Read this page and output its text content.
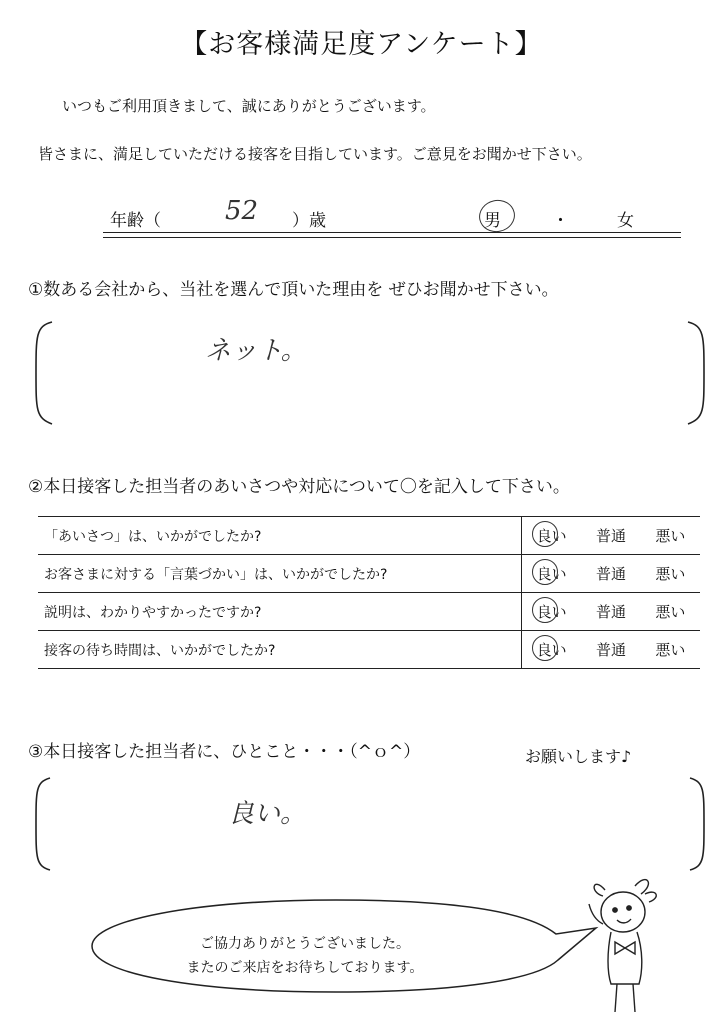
【お客様満足度アンケート】
いつもご利用頂きまして、誠にありがとうございます。
皆さまに、満足していただける接客を目指しています。ご意見をお聞かせ下さい。
年齢（ 52 ）歳	男	・	女
①数ある会社から、当社を選んで頂いた理由を ぜひお聞かせ下さい。
ネット。
②本日接客した担当者のあいさつや対応について〇を記入して下さい。
「あいさつ」は、いかがでしたか?	良い 普通 悪い

お客さまに対する「言葉づかい」は、いかがでしたか?	良い 普通 悪い

説明は、わかりやすかったですか?	良い 普通 悪い

接客の待ち時間は、いかがでしたか?	良い 普通 悪い
③本日接客した担当者に、ひとこと・・・（^ｏ^）	お願いします♪
良い。
ご協力ありがとうございました。
またのご来店をお待ちしております。
